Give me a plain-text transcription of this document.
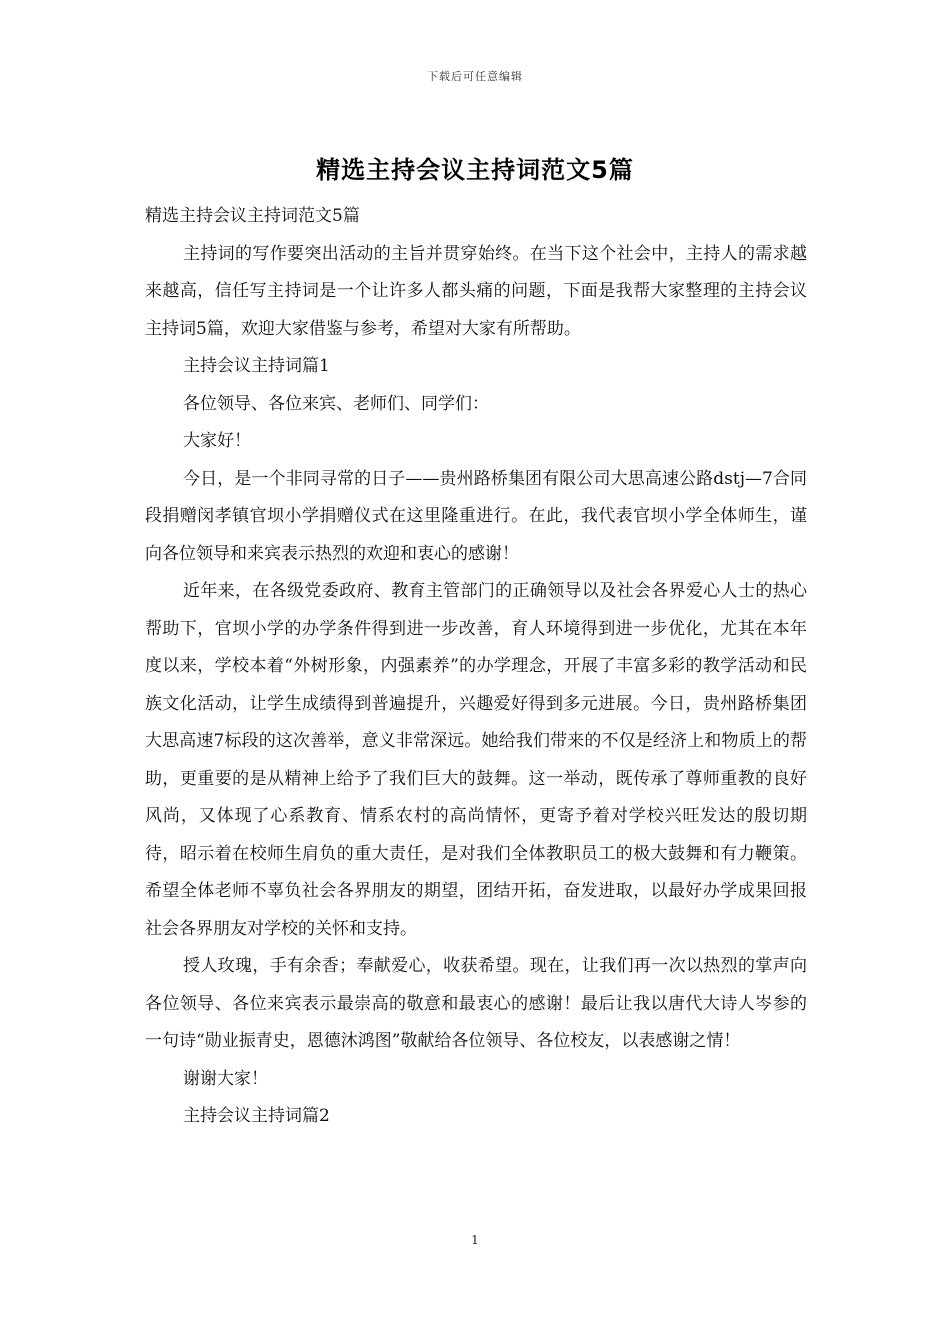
下载后可任意编辑
精选主持会议主持词范文5篇

精选主持会议主持词范文5篇

主持词的写作要突出活动的主旨并贯穿始终。在当下这个社会中，主持人的需求越来越高，信任写主持词是一个让许多人都头痛的问题，下面是我帮大家整理的主持会议主持词5篇，欢迎大家借鉴与参考，希望对大家有所帮助。

主持会议主持词篇1

各位领导、各位来宾、老师们、同学们：

大家好！

今日，是一个非同寻常的日子——贵州路桥集团有限公司大思高速公路dstj—7合同段捐赠闵孝镇官坝小学捐赠仪式在这里隆重进行。在此，我代表官坝小学全体师生，谨向各位领导和来宾表示热烈的欢迎和衷心的感谢！

近年来，在各级党委政府、教育主管部门的正确领导以及社会各界爱心人士的热心帮助下，官坝小学的办学条件得到进一步改善，育人环境得到进一步优化，尤其在本年度以来，学校本着“外树形象，内强素养”的办学理念，开展了丰富多彩的教学活动和民族文化活动，让学生成绩得到普遍提升，兴趣爱好得到多元进展。今日，贵州路桥集团大思高速7标段的这次善举，意义非常深远。她给我们带来的不仅是经济上和物质上的帮助，更重要的是从精神上给予了我们巨大的鼓舞。这一举动，既传承了尊师重教的良好风尚，又体现了心系教育、情系农村的高尚情怀，更寄予着对学校兴旺发达的殷切期待，昭示着在校师生肩负的重大责任，是对我们全体教职员工的极大鼓舞和有力鞭策。希望全体老师不辜负社会各界朋友的期望，团结开拓，奋发进取，以最好办学成果回报社会各界朋友对学校的关怀和支持。

授人玫瑰，手有余香；奉献爱心，收获希望。现在，让我们再一次以热烈的掌声向各位领导、各位来宾表示最崇高的敬意和最衷心的感谢！最后让我以唐代大诗人岑参的一句诗“勋业振青史，恩德沐鸿图”敬献给各位领导、各位校友，以表感谢之情！

谢谢大家！

主持会议主持词篇2

1
